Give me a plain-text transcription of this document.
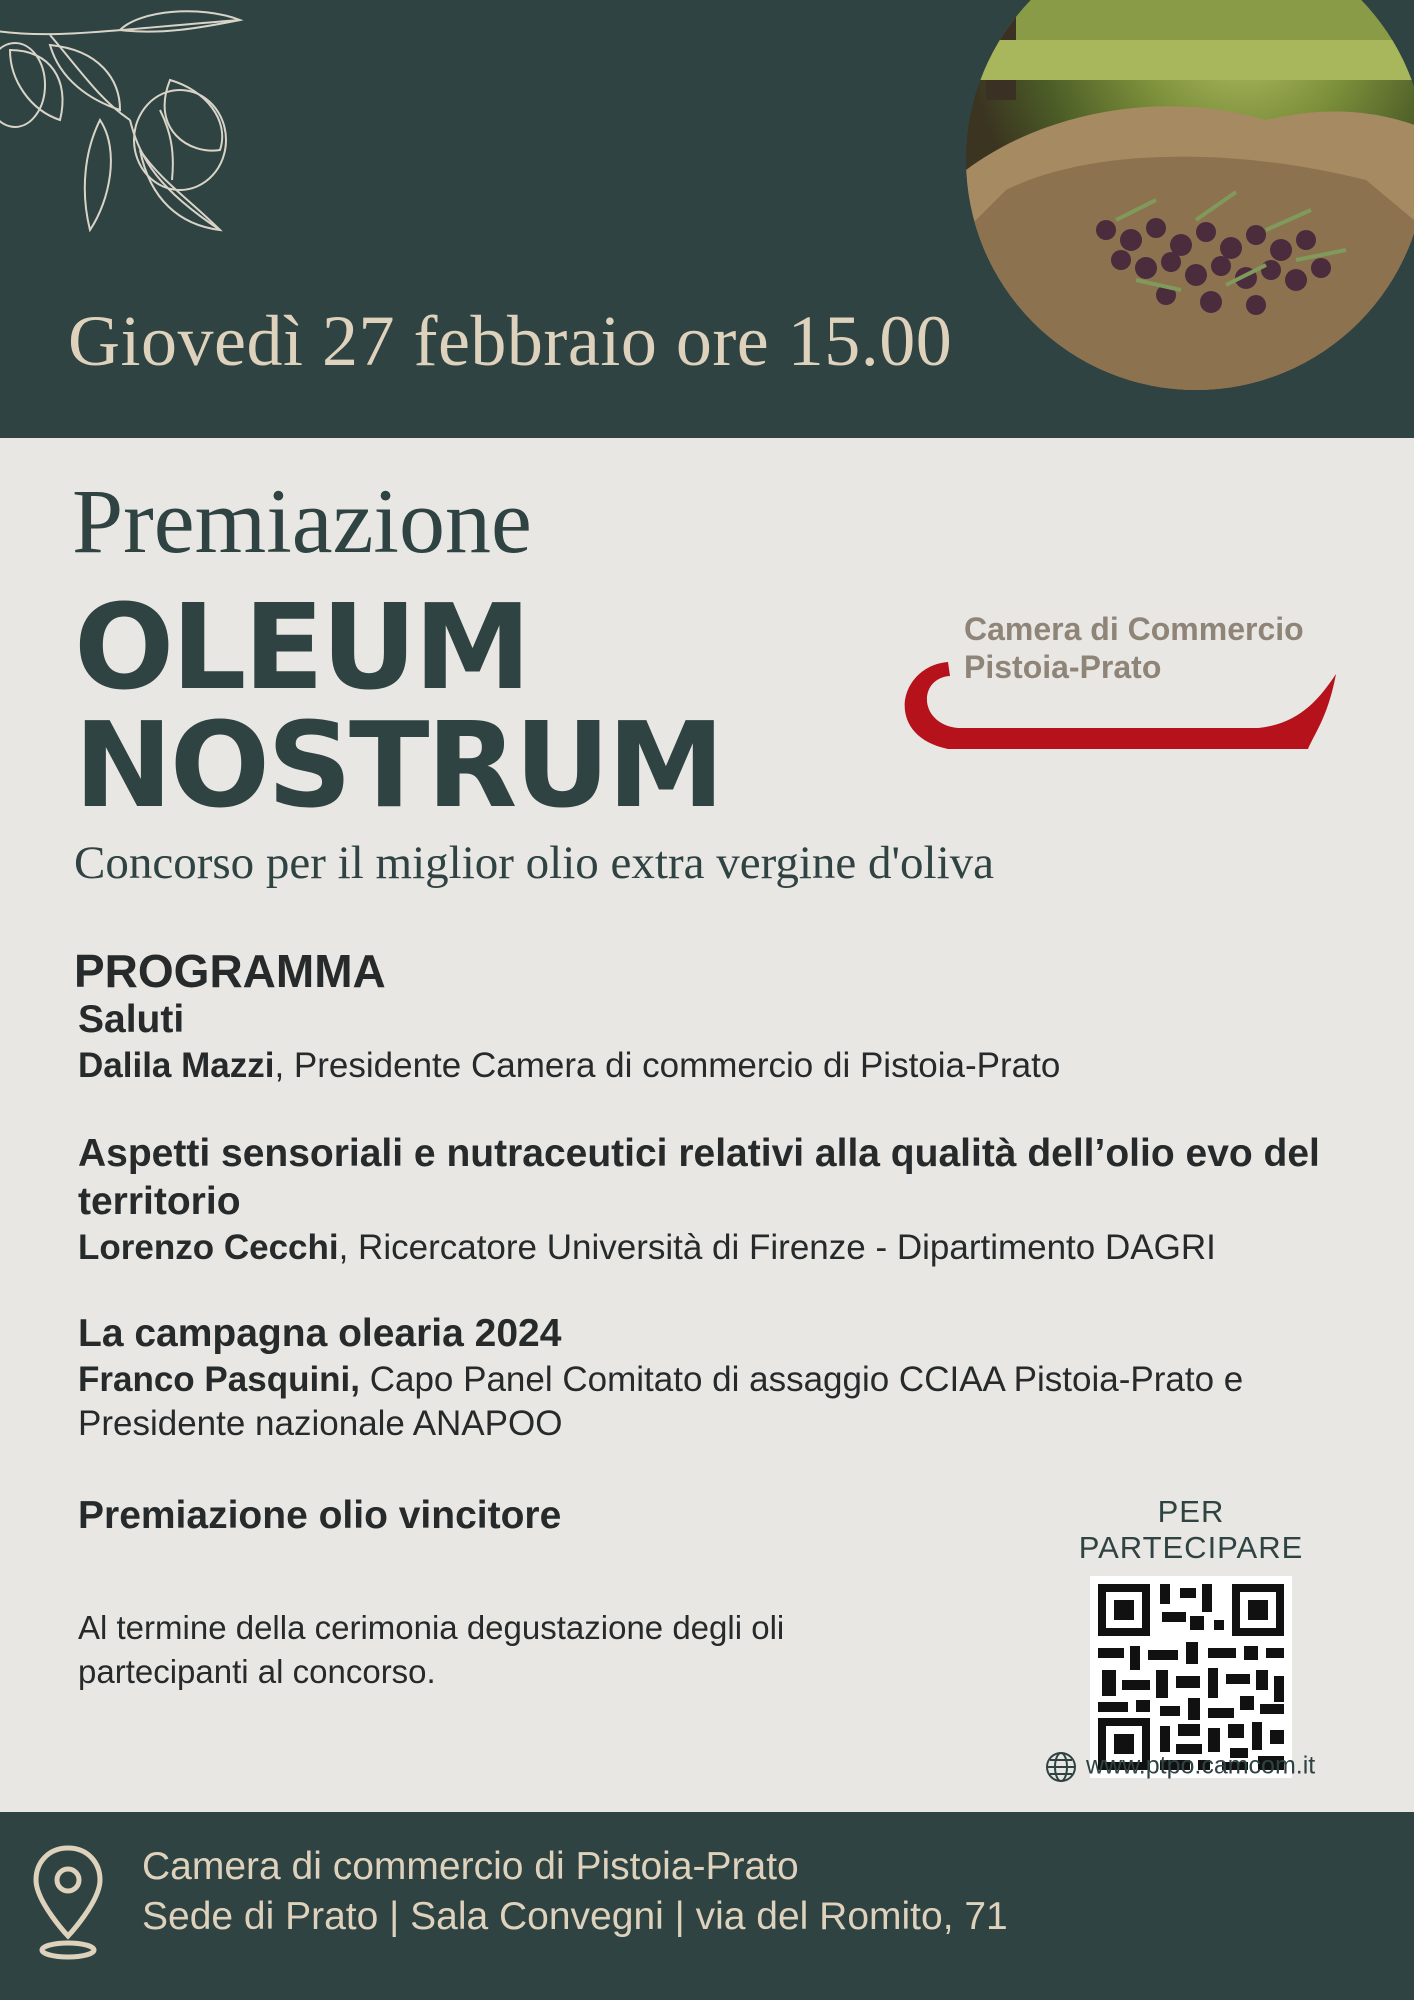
Giovedì 27 febbraio ore 15.00
Premiazione
OLEUM
NOSTRUM
Concorso per il miglior olio extra vergine d'oliva
Camera di Commercio
Pistoia-Prato
PROGRAMMA
Saluti
Dalila Mazzi, Presidente Camera di commercio di Pistoia-Prato
Aspetti sensoriali e nutraceutici relativi alla qualità dell’olio evo del territorio
Lorenzo Cecchi, Ricercatore Università di Firenze - Dipartimento DAGRI
La campagna olearia 2024
Franco Pasquini, Capo Panel Comitato di assaggio CCIAA Pistoia-Prato e Presidente nazionale ANAPOO
Premiazione olio vincitore
Al termine della cerimonia degustazione degli oli partecipanti al concorso.
PER PARTECIPARE
www.ptpo.camcom.it
Camera di commercio di Pistoia-Prato
Sede di Prato | Sala Convegni | via del Romito, 71
